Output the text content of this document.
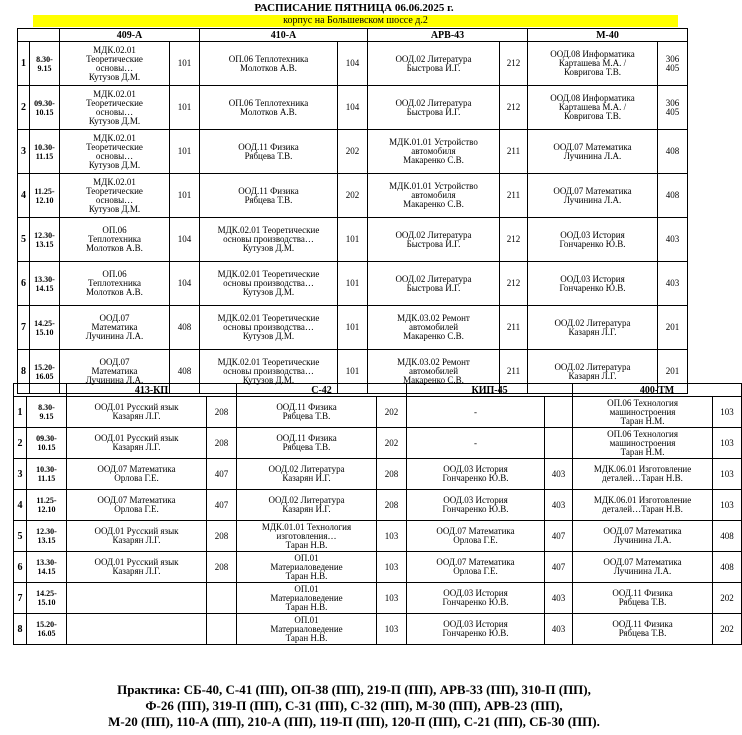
РАСПИСАНИЕ ПЯТНИЦА 06.06.2025 г.
корпус на Большевском шоссе д.2
		409-А		410-А		АРВ-43		М-40	
1	8.30-
9.15	МДК.02.01
Теоретические
основы…
Кутузов Д.М.	101	ОП.06 Теплотехника
Молотков А.В.	104	ООД.02 Литература
Быстрова И.Г.	212	ООД.08 Информатика
Карташева М.А. /
Ковригова Т.В.	306
405
2	09.30-
10.15	МДК.02.01
Теоретические
основы…
Кутузов Д.М.	101	ОП.06 Теплотехника
Молотков А.В.	104	ООД.02 Литература
Быстрова И.Г.	212	ООД.08 Информатика
Карташева М.А. /
Ковригова Т.В.	306
405
3	10.30-
11.15	МДК.02.01
Теоретические
основы…
Кутузов Д.М.	101	ООД.11 Физика
Рябцева Т.В.	202	МДК.01.01 Устройство
автомобиля
Макаренко С.В.	211	ООД.07 Математика
Лучинина Л.А.	408
4	11.25-
12.10	МДК.02.01
Теоретические
основы…
Кутузов Д.М.	101	ООД.11 Физика
Рябцева Т.В.	202	МДК.01.01 Устройство
автомобиля
Макаренко С.В.	211	ООД.07 Математика
Лучинина Л.А.	408
5	12.30-
13.15	ОП.06
Теплотехника
Молотков А.В.	104	МДК.02.01 Теоретические
основы производства…
Кутузов Д.М.	101	ООД.02 Литература
Быстрова И.Г.	212	ООД.03 История
Гончаренко Ю.В.	403
6	13.30-
14.15	ОП.06
Теплотехника
Молотков А.В.	104	МДК.02.01 Теоретические
основы производства…
Кутузов Д.М.	101	ООД.02 Литература
Быстрова И.Г.	212	ООД.03 История
Гончаренко Ю.В.	403
7	14.25-
15.10	ООД.07
Математика
Лучинина Л.А.	408	МДК.02.01 Теоретические
основы производства…
Кутузов Д.М.	101	МДК.03.02 Ремонт
автомобилей
Макаренко С.В.	211	ООД.02 Литература
Казарян Л.Г.	201
8	15.20-
16.05	ООД.07
Математика
Лучинина Л.А.	408	МДК.02.01 Теоретические
основы производства…
Кутузов Д.М.	101	МДК.03.02 Ремонт
автомобилей
Макаренко С.В.	211	ООД.02 Литература
Казарян Л.Г.	201
		413-КП		С-42		КИП-45		400-ТМ	
1	8.30-
9.15	ООД.01 Русский язык
Казарян Л.Г.	208	ООД.11 Физика
Рябцева Т.В.	202	-		ОП.06 Технология
машиностроения
Таран Н.М.	103
2	09.30-
10.15	ООД.01 Русский язык
Казарян Л.Г.	208	ООД.11 Физика
Рябцева Т.В.	202	-		ОП.06 Технология
машиностроения
Таран Н.М.	103
3	10.30-
11.15	ООД.07 Математика
Орлова Г.Е.	407	ООД.02 Литература
Казарян И.Г.	208	ООД.03 История
Гончаренко Ю.В.	403	МДК.06.01 Изготовление
деталей…Таран Н.В.	103
4	11.25-
12.10	ООД.07 Математика
Орлова Г.Е.	407	ООД.02 Литература
Казарян И.Г.	208	ООД.03 История
Гончаренко Ю.В.	403	МДК.06.01 Изготовление
деталей…Таран Н.В.	103
5	12.30-
13.15	ООД.01 Русский язык
Казарян Л.Г.	208	МДК.01.01 Технология
изготовления…
Таран Н.В.	103	ООД.07 Математика
Орлова Г.Е.	407	ООД.07 Математика
Лучинина Л.А.	408
6	13.30-
14.15	ООД.01 Русский язык
Казарян Л.Г.	208	ОП.01
Материаловедение
Таран Н.В.	103	ООД.07 Математика
Орлова Г.Е.	407	ООД.07 Математика
Лучинина Л.А.	408
7	14.25-
15.10			ОП.01
Материаловедение
Таран Н.В.	103	ООД.03 История
Гончаренко Ю.В.	403	ООД.11 Физика
Рябцева Т.В.	202
8	15.20-
16.05			ОП.01
Материаловедение
Таран Н.В.	103	ООД.03 История
Гончаренко Ю.В.	403	ООД.11 Физика
Рябцева Т.В.	202
Практика: СБ-40, С-41 (ПП), ОП-38 (ПП), 219-П (ПП), АРВ-33 (ПП), 310-П (ПП),
Ф-26 (ПП), 319-П (ПП), С-31 (ПП), С-32 (ПП), М-30 (ПП), АРВ-23 (ПП),
М-20 (ПП), 110-А (ПП), 210-А (ПП), 119-П (ПП), 120-П (ПП), С-21 (ПП), СБ-30 (ПП).
